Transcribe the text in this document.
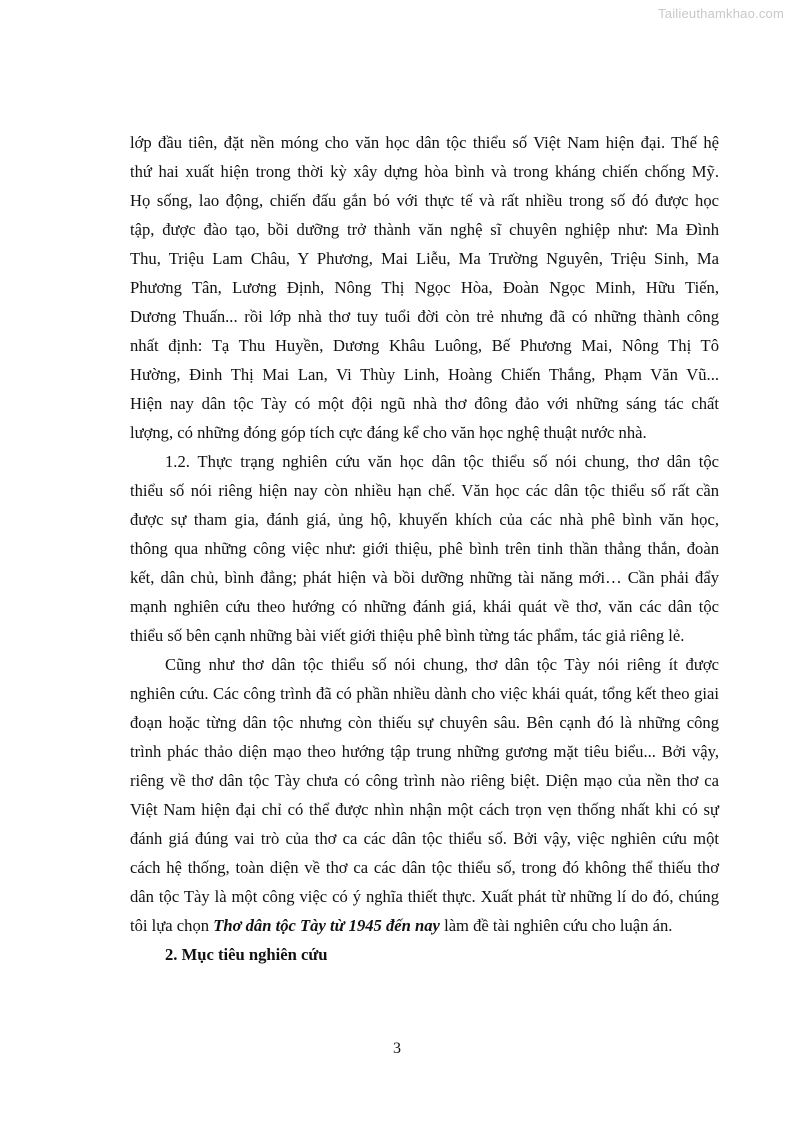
Tailieuthamkhao.com
lớp đầu tiên, đặt nền móng cho văn học dân tộc thiểu số Việt Nam hiện đại. Thế hệ
thứ hai xuất hiện trong thời kỳ xây dựng hòa bình và trong kháng chiến chống Mỹ.
Họ sống, lao động, chiến đấu gắn bó với thực tế và rất nhiều trong số đó được học
tập, được đào tạo, bồi dưỡng trở thành văn nghệ sĩ chuyên nghiệp như: Ma Đình
Thu, Triệu Lam Châu, Y Phương, Mai Liễu, Ma Trường Nguyên, Triệu Sinh, Ma
Phương Tân, Lương Định, Nông Thị Ngọc Hòa, Đoàn Ngọc Minh, Hữu Tiến,
Dương Thuấn... rồi lớp nhà thơ tuy tuổi đời còn trẻ nhưng đã có những thành công
nhất định: Tạ Thu Huyền, Dương Khâu Luông, Bế Phương Mai, Nông Thị Tô
Hường, Đinh Thị Mai Lan, Vi Thùy Linh, Hoàng Chiến Thắng, Phạm Văn Vũ...
Hiện nay dân tộc Tày có một đội ngũ nhà thơ đông đảo với những sáng tác chất
lượng, có những đóng góp tích cực đáng kể cho văn học nghệ thuật nước nhà.
1.2. Thực trạng nghiên cứu văn học dân tộc thiểu số nói chung, thơ dân tộc
thiểu số nói riêng hiện nay còn nhiều hạn chế. Văn học các dân tộc thiểu số rất cần
được sự tham gia, đánh giá, ủng hộ, khuyến khích của các nhà phê bình văn học,
thông qua những công việc như: giới thiệu, phê bình trên tinh thần thẳng thắn, đoàn
kết, dân chủ, bình đẳng; phát hiện và bồi dưỡng những tài năng mới… Cần phải đẩy
mạnh nghiên cứu theo hướng có những đánh giá, khái quát về thơ, văn các dân tộc
thiểu số bên cạnh những bài viết giới thiệu phê bình từng tác phẩm, tác giả riêng lẻ.
Cũng như thơ dân tộc thiểu số nói chung, thơ dân tộc Tày nói riêng ít được
nghiên cứu. Các công trình đã có phần nhiều dành cho việc khái quát, tổng kết theo giai
đoạn hoặc từng dân tộc nhưng còn thiếu sự chuyên sâu. Bên cạnh đó là những công
trình phác thảo diện mạo theo hướng tập trung những gương mặt tiêu biểu... Bởi vậy,
riêng về thơ dân tộc Tày chưa có công trình nào riêng biệt. Diện mạo của nền thơ ca
Việt Nam hiện đại chỉ có thể được nhìn nhận một cách trọn vẹn thống nhất khi có sự
đánh giá đúng vai trò của thơ ca các dân tộc thiểu số. Bởi vậy, việc nghiên cứu một
cách hệ thống, toàn diện về thơ ca các dân tộc thiểu số, trong đó không thể thiếu thơ
dân tộc Tày là một công việc có ý nghĩa thiết thực. Xuất phát từ những lí do đó, chúng
tôi lựa chọn Thơ dân tộc Tày từ 1945 đến nay làm đề tài nghiên cứu cho luận án.
2. Mục tiêu nghiên cứu
3
